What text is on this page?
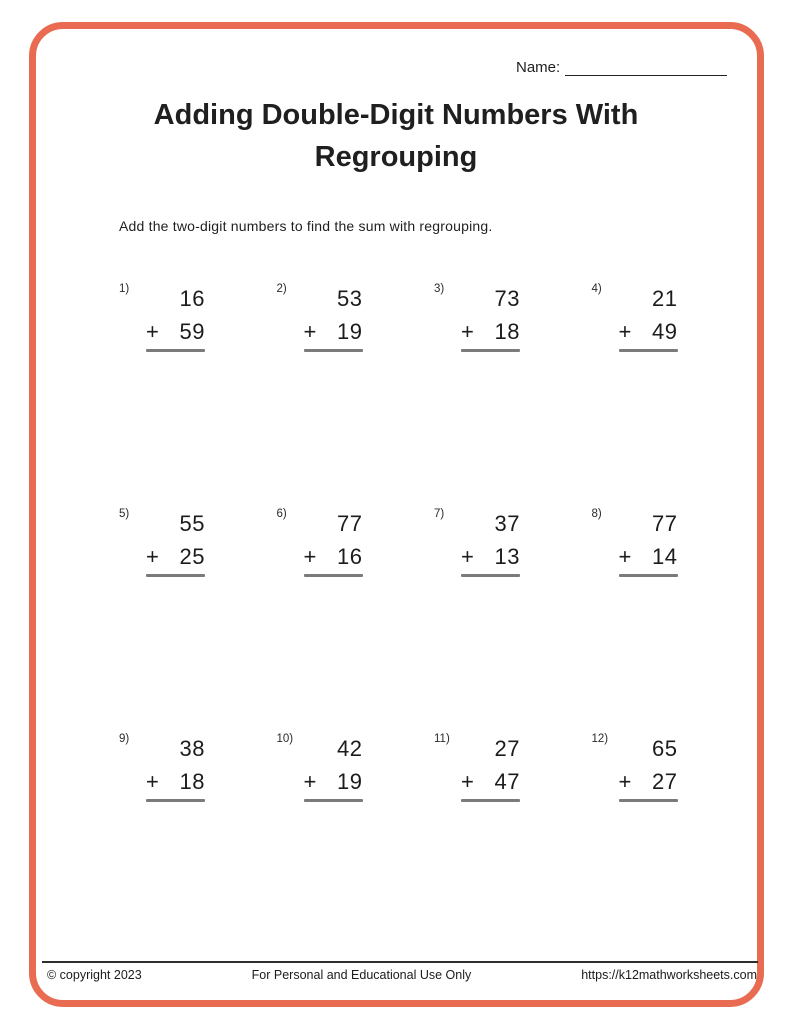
Name:
Adding Double-Digit Numbers With
Regrouping

Add the two-digit numbers to find the sum with regrouping.

1)	16
+ 59
2)	53
+ 19
3)	73
+ 18
4)	21
+ 49
5)	55
+ 25
6)	77
+ 16
7)	37
+ 13
8)	77
+ 14
9)	38
+ 18
10)	42
+ 19
11)	27
+ 47
12)	65
+ 27
© copyright 2023	For Personal and Educational Use Only	https://k12mathworksheets.com
